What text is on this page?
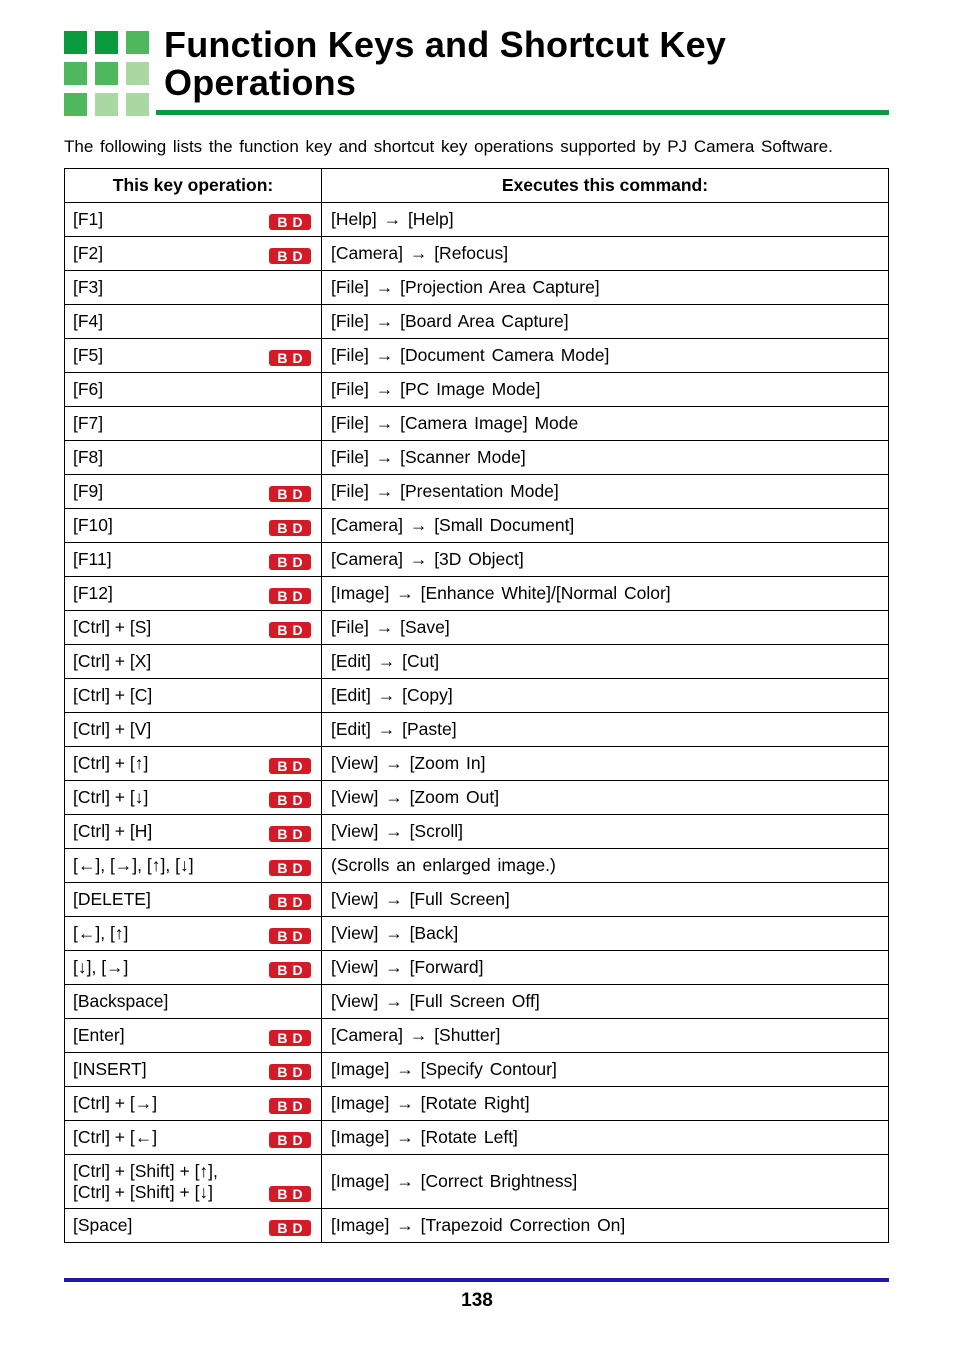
Function Keys and Shortcut Key
Operations

The following lists the function key and shortcut key operations supported by PJ Camera Software.

This key operation:	Executes this command:

[F1] BD	[Help] → [Help]

[F2] BD	[Camera] → [Refocus]

[F3]	[File] → [Projection Area Capture]

[F4]	[File] → [Board Area Capture]

[F5] BD	[File] → [Document Camera Mode]

[F6]	[File] → [PC Image Mode]

[F7]	[File] → [Camera Image] Mode

[F8]	[File] → [Scanner Mode]

[F9] BD	[File] → [Presentation Mode]

[F10] BD	[Camera] → [Small Document]

[F11] BD	[Camera] → [3D Object]

[F12] BD	[Image] → [Enhance White]/[Normal Color]

[Ctrl] + [S] BD	[File] → [Save]

[Ctrl] + [X]	[Edit] → [Cut]

[Ctrl] + [C]	[Edit] → [Copy]

[Ctrl] + [V]	[Edit] → [Paste]

[Ctrl] + [↑] BD	[View] → [Zoom In]

[Ctrl] + [↓] BD	[View] → [Zoom Out]

[Ctrl] + [H] BD	[View] → [Scroll]

[←], [→], [↑], [↓] BD	(Scrolls an enlarged image.)

[DELETE] BD	[View] → [Full Screen]

[←], [↑] BD	[View] → [Back]

[↓], [→] BD	[View] → [Forward]

[Backspace]	[View] → [Full Screen Off]

[Enter] BD	[Camera] → [Shutter]

[INSERT] BD	[Image] → [Specify Contour]

[Ctrl] + [→] BD	[Image] → [Rotate Right]

[Ctrl] + [←] BD	[Image] → [Rotate Left]

[Ctrl] + [Shift] + [↑],
[Ctrl] + [Shift] + [↓] BD	[Image] → [Correct Brightness]

[Space] BD	[Image] → [Trapezoid Correction On]
138
